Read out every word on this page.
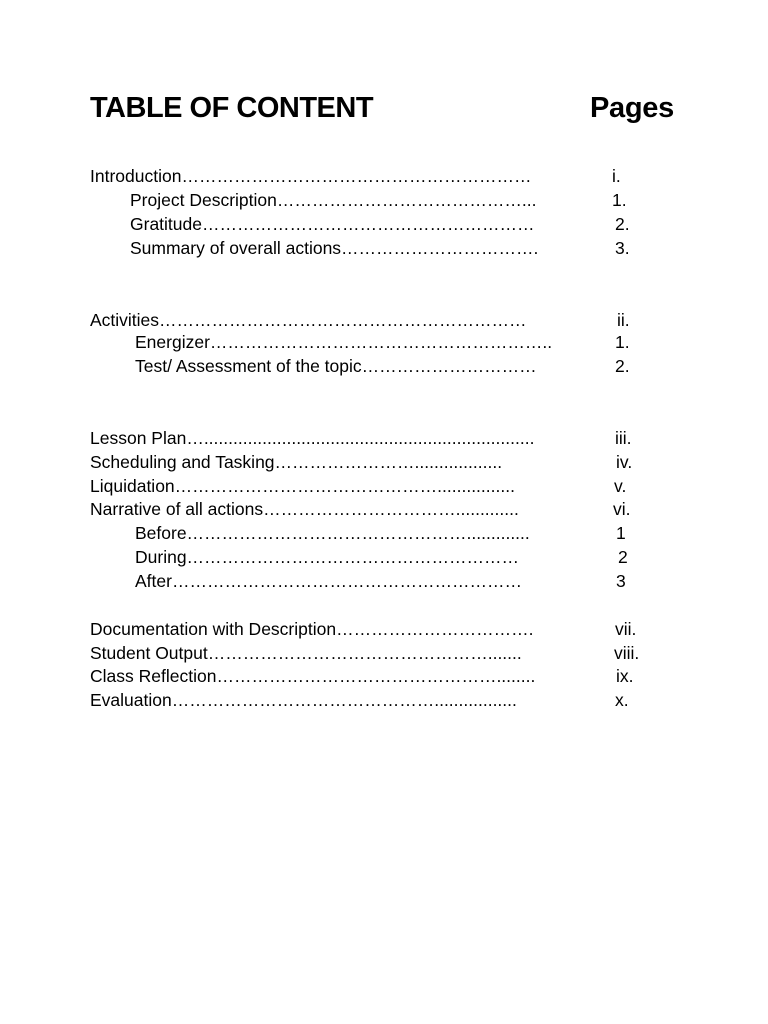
TABLE OF CONTENT	Pages
Introduction……………………………………………………	i.
Project Description……………………………………...	1.
Gratitude…………………………………………………	2.
Summary of overall actions…………………………….	3.
Activities………………………………………………………	ii.
Energizer…………………………………………………..	1.
Test/ Assessment of the topic…………………………	2.
Lesson Plan…....................................................................	iii.
Scheduling and Tasking……………………..................	iv.
Liquidation………………………………………................	v.
Narrative of all actions…………………………….............	vi.
Before………………………………………….............	1
During…………………………………………………	2
After……………………………………………………	3
Documentation with Description…………………………….	vii.
Student Output………………………………………….......	viii.
Class Reflection…………………………………………........	ix.
Evaluation……………………………………….................	x.
